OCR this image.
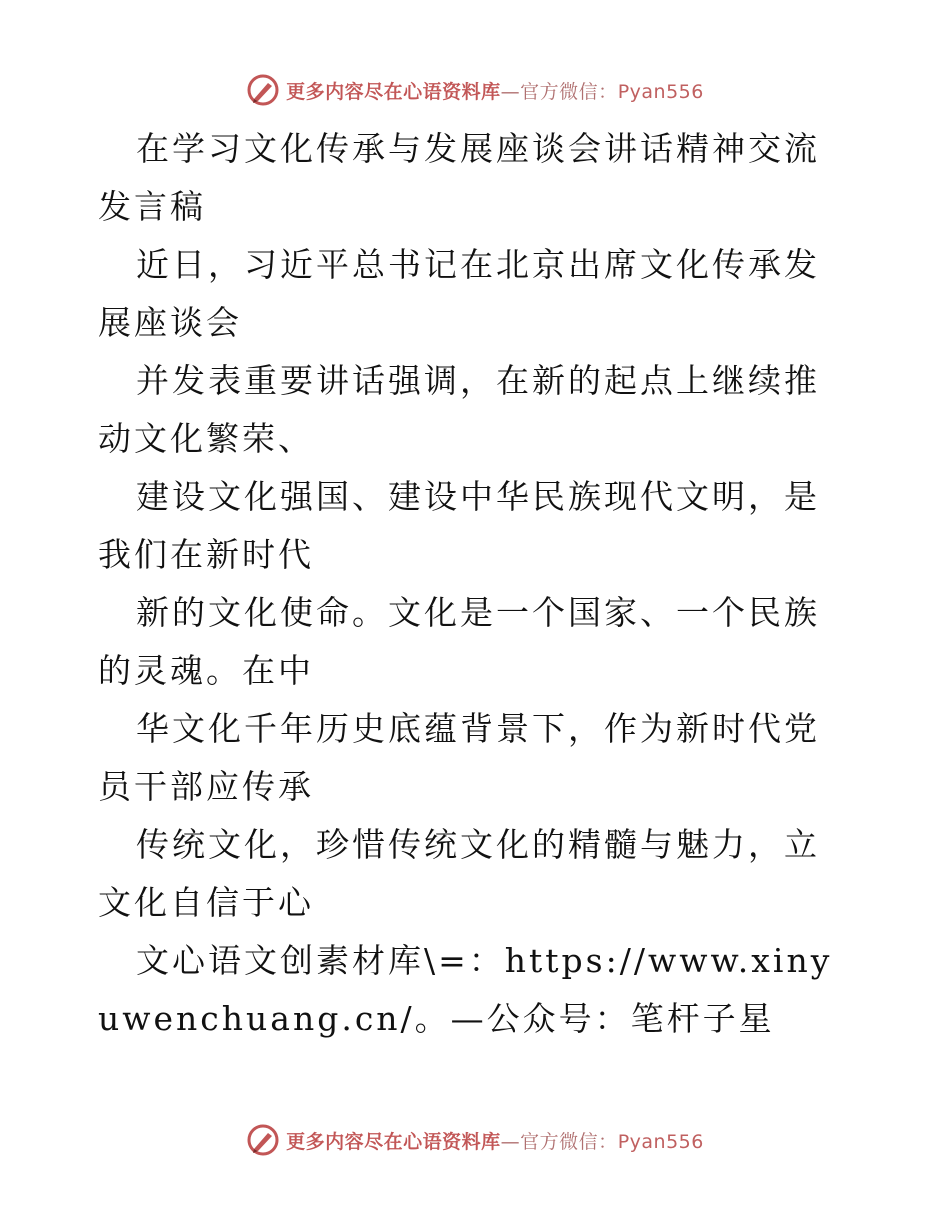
更多内容尽在心语资料库—官方微信：Pyan556

在学习文化传承与发展座谈会讲话精神交流发言稿

近日，习近平总书记在北京出席文化传承发展座谈会

并发表重要讲话强调，在新的起点上继续推动文化繁荣、

建设文化强国、建设中华民族现代文明，是我们在新时代

新的文化使命。文化是一个国家、一个民族的灵魂。在中

华文化千年历史底蕴背景下，作为新时代党员干部应传承

传统文化，珍惜传统文化的精髓与魅力，立文化自信于心

文心语文创素材库\=：https://www.xinyuwenchuang.cn/。—公众号：笔杆子星

更多内容尽在心语资料库—官方微信：Pyan556
